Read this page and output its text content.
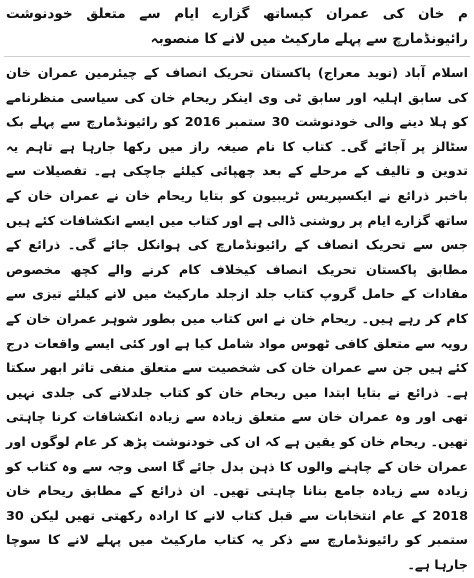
م خان کی عمران کیساتھ گزارے ایام سے متعلق خودنوشت رائیونڈمارچ سے پہلے مارکیٹ میں لانے کا منصوبہ

اسلام آباد (نوید معراج) پاکستان تحریک انصاف کے چیئرمین عمران خان کی سابق اہلیہ اور سابق ٹی وی اینکر ریحام خان کی سیاسی منظرنامے کو ہلا دینے والی خودنوشت 30 ستمبر 2016 کو رائیونڈمارچ سے پہلے بک سٹالز پر آجائے گی۔ کتاب کا نام صیغہ راز میں رکھا جارہا ہے تاہم یہ تدوین و تالیف کے مرحلے کے بعد چھپائی کیلئے جاچکی ہے۔ تفصیلات سے باخبر ذرائع نے ایکسپریس ٹریبیون کو بتایا ریحام خان نے عمران خان کے ساتھ گزارے ایام پر روشنی ڈالی ہے اور کتاب میں ایسے انکشافات کئے ہیں جس سے تحریک انصاف کے رائیونڈمارچ کی ہوانکل جائے گی۔ ذرائع کے مطابق پاکستان تحریک انصاف کیخلاف کام کرنے والے کچھ مخصوص مفادات کے حامل گروپ کتاب جلد ازجلد مارکیٹ میں لانے کیلئے تیزی سے کام کر رہے ہیں۔ ریحام خان نے اس کتاب میں بطور شوہر عمران خان کے رویہ سے متعلق کافی ٹھوس مواد شامل کیا ہے اور کئی ایسے واقعات درج کئے ہیں جن سے عمران خان کی شخصیت سے متعلق منفی تاثر ابھر سکتا ہے۔ ذرائع نے بتایا ابتدا میں ریحام خان کو کتاب جلدلانے کی جلدی نہیں تھی اور وہ عمران خان سے متعلق زیادہ سے زیادہ انکشافات کرنا چاہتی تھیں۔ ریحام خان کو یقین ہے کہ ان کی خودنوشت پڑھ کر عام لوگوں اور عمران خان کے چاہنے والوں کا ذہن بدل جائے گا اسی وجہ سے وہ کتاب کو زیادہ سے زیادہ جامع بنانا چاہتی تھیں۔ ان ذرائع کے مطابق ریحام خان 2018 کے عام انتخابات سے قبل کتاب لانے کا ارادہ رکھتی تھیں لیکن 30 ستمبر کو رائیونڈمارچ سے ذکر یہ کتاب مارکیٹ میں پہلے لانے کا سوچا جارہا ہے۔
